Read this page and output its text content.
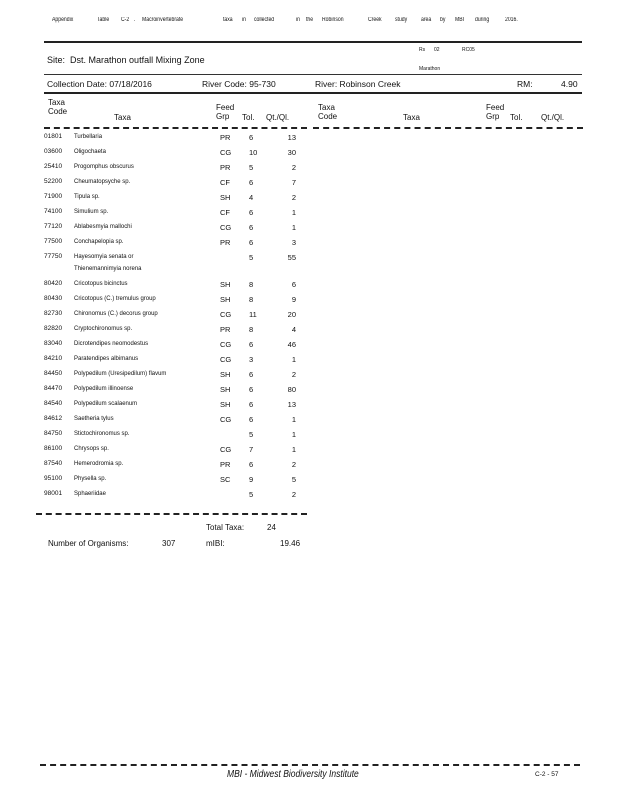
Appendix	Table C-2 . Macroinvertebrate	taxa in collected	in the Robinson	Creek study area by MBI during	2016.
Site: Dst. Marathon outfall Mixing Zone
Rs 02	RC05
Marathon
Collection Date: 07/18/2016	River Code: 95-730	River: Robinson Creek	RM:	4.90
Taxa
Code
Taxa
Feed
Grp	Tol. Qt./Ql.
Taxa
Code	Taxa
Feed
Grp	Tol. Qt./Ql.
01801	Turbellaria	PR 6	13
03600	Oligochaeta	CG 10	30
25410	Progomphus obscurus	PR 5	2
52200	Cheumatopsyche sp.	CF	6	7
71900	Tipula sp.	SH 4	2
74100	Simulium sp.	CF	6	1
77120	Ablabesmyia mallochi	CG 6	1
77500	Conchapelopia sp.	PR 6	3
77750	Hayesomyia senata or
Thienemannimyia norena
5	55
80420	Cricotopus bicinctus	SH 8	6
80430	Cricotopus (C.) tremulus group	SH 8	9
82730	Chironomus (C.) decorus group	CG 11	20
82820	Cryptochironomus sp.	PR 8	4
83040	Dicrotendipes neomodestus	CG 6	46
84210	Paratendipes albimanus	CG 3	1
84450	Polypedilum (Uresipedilum) flavum	SH 6	2
84470	Polypedilum illinoense	SH 6	80
84540	Polypedilum scalaenum	SH 6	13
84612	Saetheria tylus	CG 6	1
84750	Stictochironomus sp.	5	1
86100	Chrysops sp.	CG 7	1
87540	Hemerodromia sp.	PR 6	2
95100	Physella sp.	SC 9	5
98001	Sphaeriidae	5	2
Total Taxa:	24
Number of Organisms:	307	mIBI:	19.46
MBI - Midwest Biodiversity Institute	C-2 - 57
